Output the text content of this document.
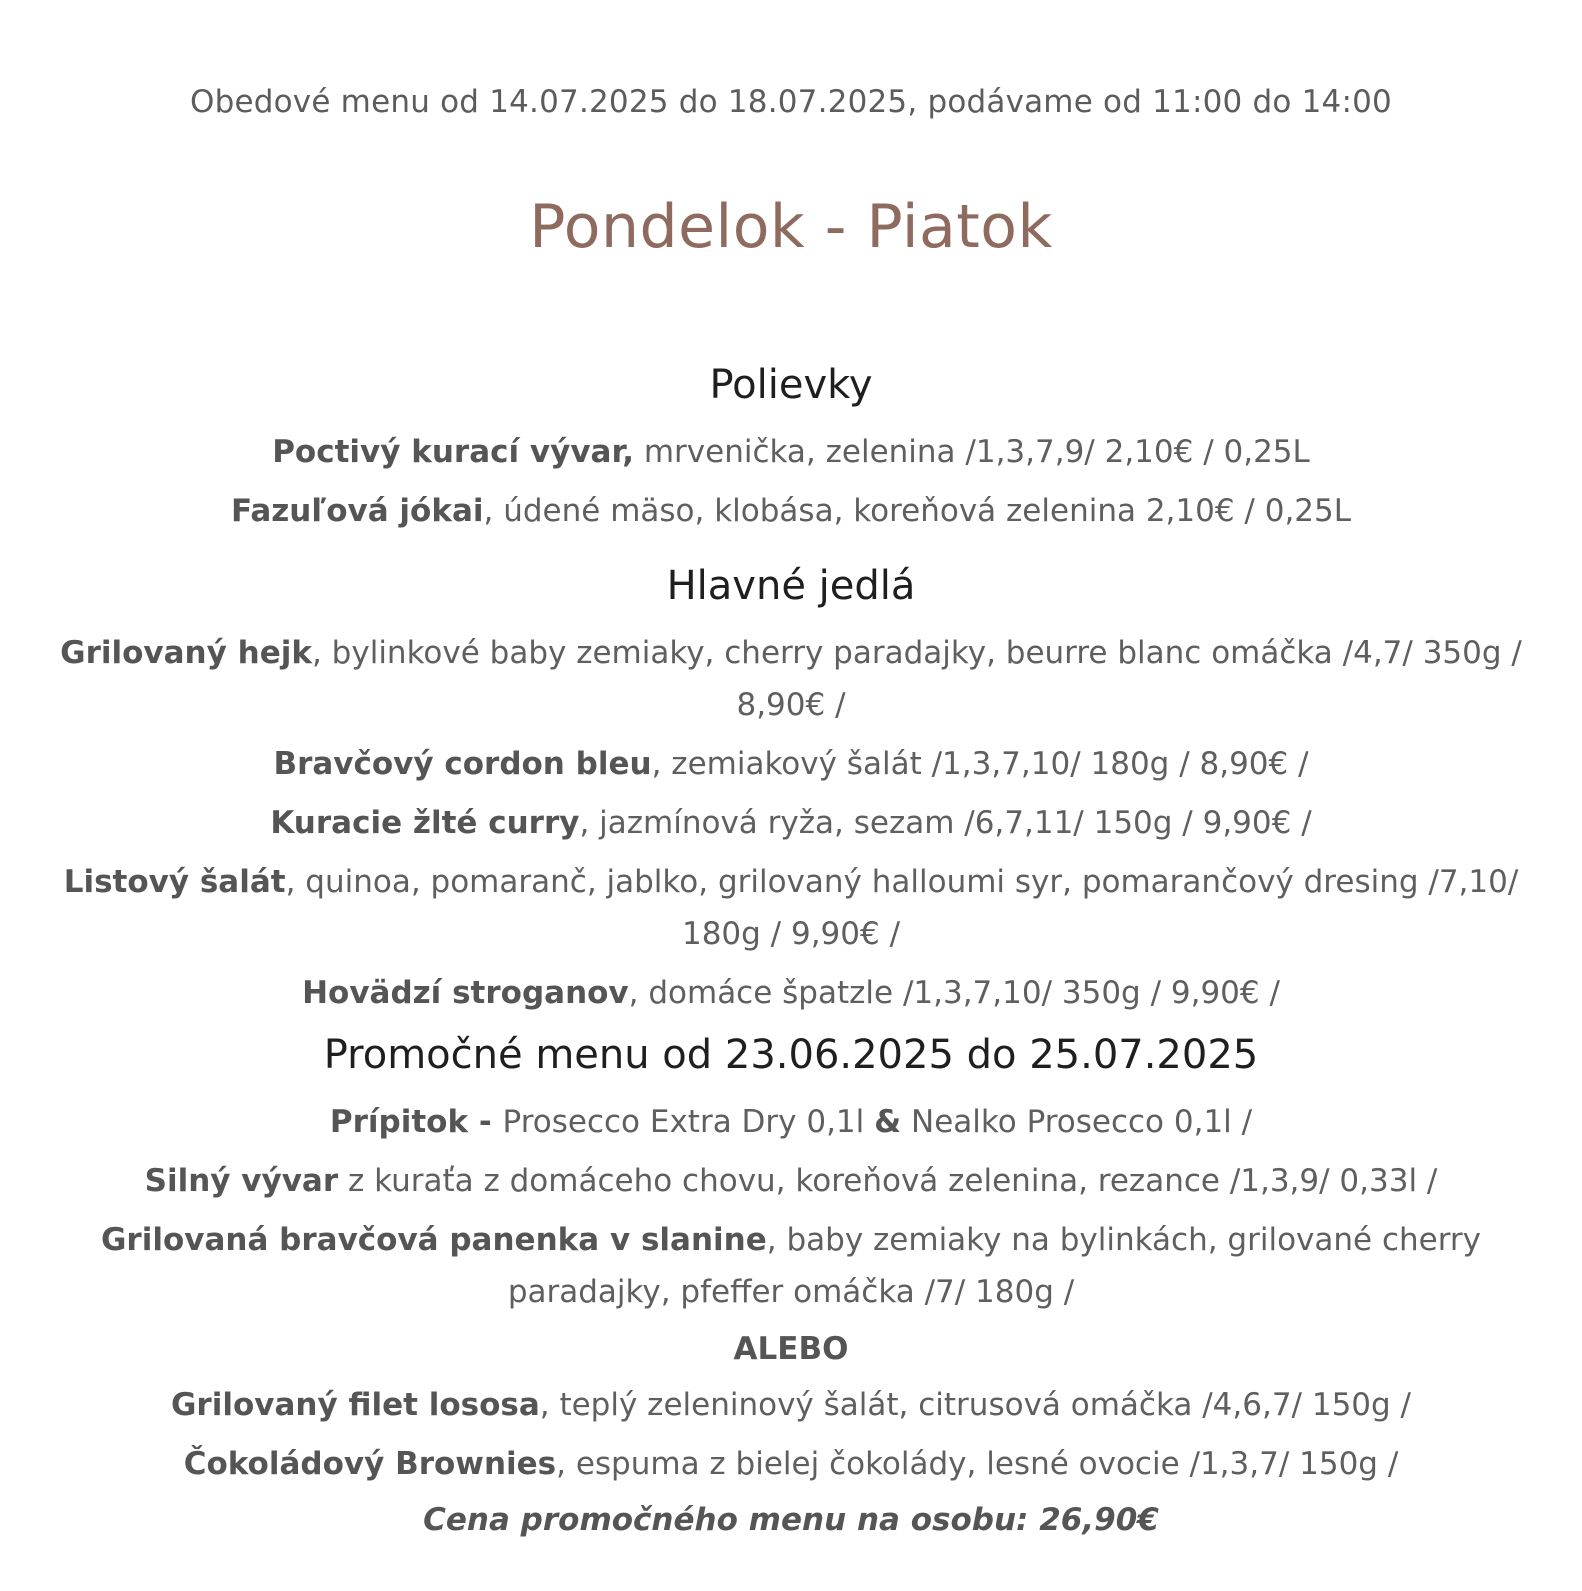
Obedové menu od 14.07.2025 do 18.07.2025, podávame od 11:00 do 14:00
Pondelok - Piatok
Polievky
Poctivý kurací vývar, mrvenička, zelenina /1,3,7,9/ 2,10€ / 0,25L
Fazuľová jókai, údené mäso, klobása, koreňová zelenina 2,10€ / 0,25L
Hlavné jedlá
Grilovaný hejk, bylinkové baby zemiaky, cherry paradajky, beurre blanc omáčka /4,7/ 350g / 8,90€ /
Bravčový cordon bleu, zemiakový šalát /1,3,7,10/ 180g / 8,90€ /
Kuracie žlté curry, jazmínová ryža, sezam /6,7,11/ 150g / 9,90€ /
Listový šalát, quinoa, pomaranč, jablko, grilovaný halloumi syr, pomarančový dresing /7,10/ 180g / 9,90€ /
Hovädzí stroganov, domáce špatzle /1,3,7,10/ 350g / 9,90€ /
Promočné menu od 23.06.2025 do 25.07.2025
Prípitok - Prosecco Extra Dry 0,1l & Nealko Prosecco 0,1l /
Silný vývar z kuraťa z domáceho chovu, koreňová zelenina, rezance /1,3,9/ 0,33l /
Grilovaná bravčová panenka v slanine, baby zemiaky na bylinkách, grilované cherry paradajky, pfeffer omáčka /7/ 180g /
ALEBO
Grilovaný filet lososa, teplý zeleninový šalát, citrusová omáčka /4,6,7/ 150g /
Čokoládový Brownies, espuma z bielej čokolády, lesné ovocie /1,3,7/ 150g /
Cena promočného menu na osobu: 26,90€
